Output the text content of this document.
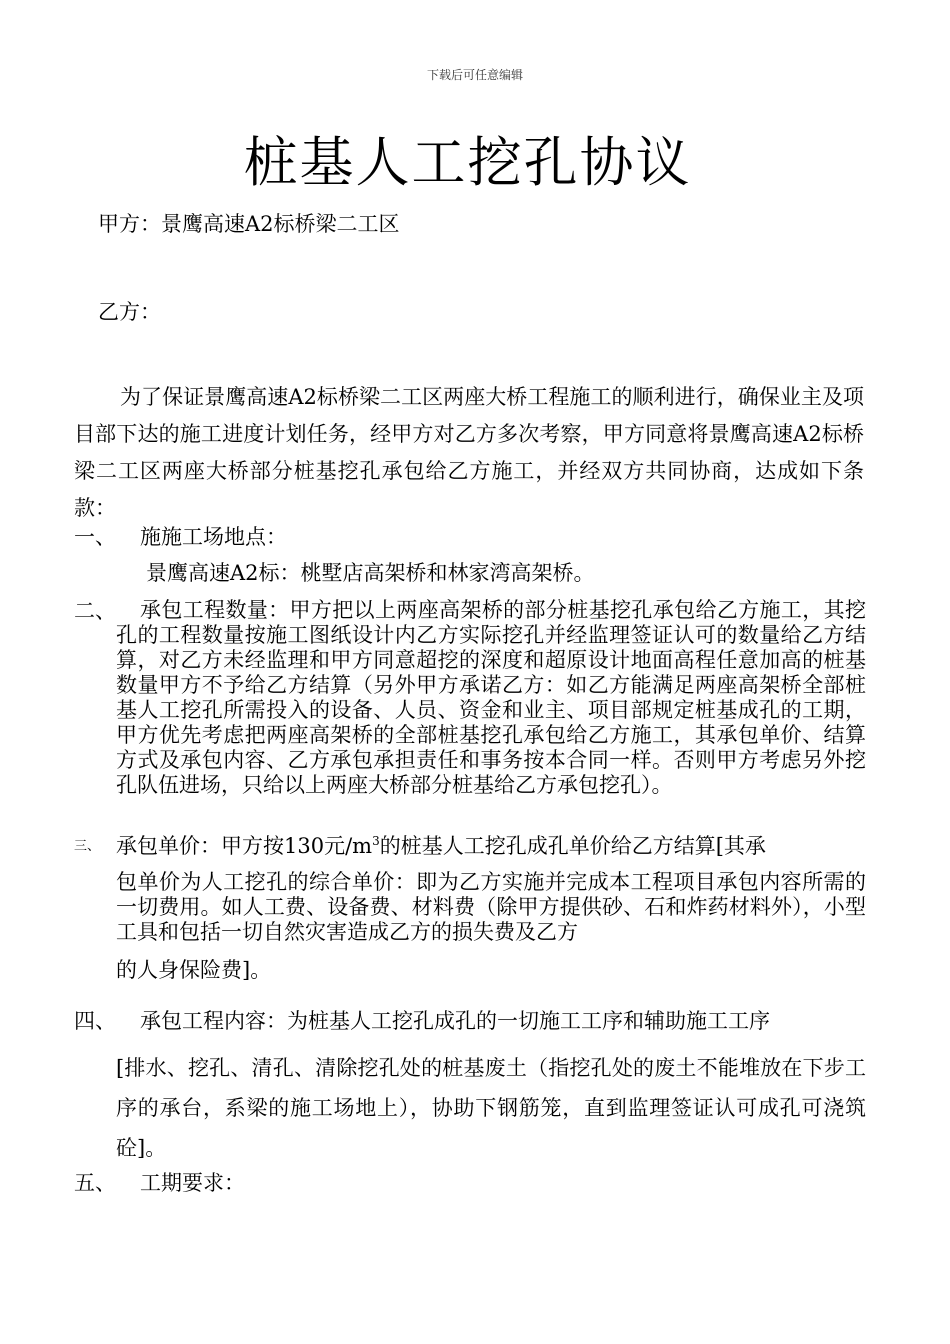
下载后可任意编辑
桩基人工挖孔协议
甲方：景鹰高速A2标桥梁二工区
乙方：
为了保证景鹰高速A2标桥梁二工区两座大桥工程施工的顺利进行，确保业主及项目部下达的施工进度计划任务，经甲方对乙方多次考察，甲方同意将景鹰高速A2标桥梁二工区两座大桥部分桩基挖孔承包给乙方施工，并经双方共同协商，达成如下条款：
一、 施施工场地点：
景鹰高速A2标：桃墅店高架桥和林家湾高架桥。
二、	承包工程数量：甲方把以上两座高架桥的部分桩基挖孔承包给乙方施工，其挖孔的工程数量按施工图纸设计内乙方实际挖孔并经监理签证认可的数量给乙方结算，对乙方未经监理和甲方同意超挖的深度和超原设计地面高程任意加高的桩基数量甲方不予给乙方结算（另外甲方承诺乙方：如乙方能满足两座高架桥全部桩基人工挖孔所需投入的设备、人员、资金和业主、项目部规定桩基成孔的工期，甲方优先考虑把两座高架桥的全部桩基挖孔承包给乙方施工，其承包单价、结算方式及承包内容、乙方承包承担责任和事务按本合同一样。否则甲方考虑另外挖孔队伍进场，只给以上两座大桥部分桩基给乙方承包挖孔）。
三、 承包单价：甲方按130元$/m^3$的桩基人工挖孔成孔单价给乙方结算[其承
包单价为人工挖孔的综合单价：即为乙方实施并完成本工程项目承包内容所需的一切费用。如人工费、设备费、材料费（除甲方提供砂、石和炸药材料外），小型工具和包括一切自然灾害造成乙方的损失费及乙方
的人身保险费]。
四、 承包工程内容：为桩基人工挖孔成孔的一切施工工序和辅助施工工序
[排水、挖孔、清孔、清除挖孔处的桩基废土（指挖孔处的废土不能堆放在下步工序的承台，系梁的施工场地上），协助下钢筋笼，直到监理签证认可成孔可浇筑砼]。
五、 工期要求：
